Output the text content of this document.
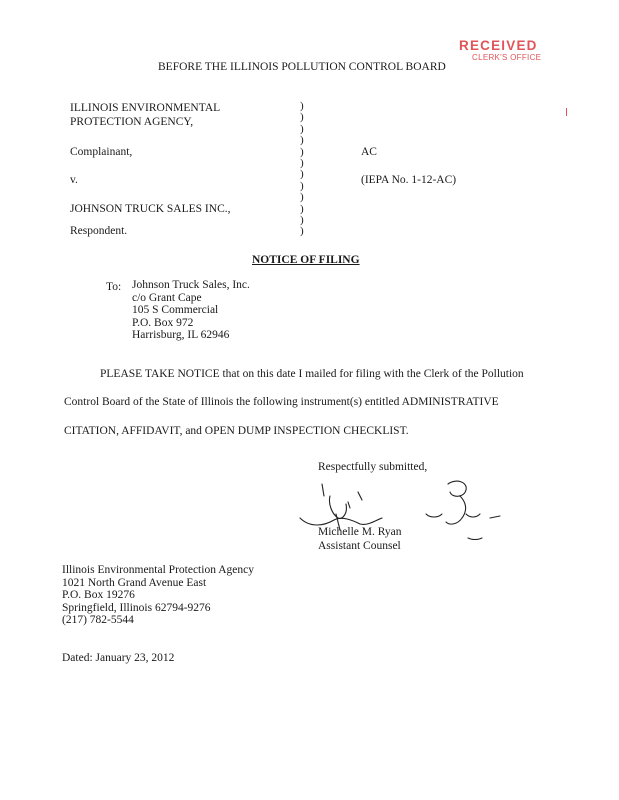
RECEIVED
CLERK'S OFFICE
BEFORE THE ILLINOIS POLLUTION CONTROL BOARD
ILLINOIS ENVIRONMENTAL
PROTECTION AGENCY,
Complainant,
v.
JOHNSON TRUCK SALES INC.,
Respondent.
)
)
)
)
)
)
)
)
)
)
)
)
AC
(IEPA No. 1-12-AC)
NOTICE OF FILING
To: Johnson Truck Sales, Inc.
c/o Grant Cape
105 S Commercial
P.O. Box 972
Harrisburg, IL 62946
PLEASE TAKE NOTICE that on this date I mailed for filing with the Clerk of the Pollution
Control Board of the State of Illinois the following instrument(s) entitled ADMINISTRATIVE
CITATION, AFFIDAVIT, and OPEN DUMP INSPECTION CHECKLIST.
Respectfully submitted,
Michelle M. Ryan
Assistant Counsel
Illinois Environmental Protection Agency
1021 North Grand Avenue East
P.O. Box 19276
Springfield, Illinois 62794-9276
(217) 782-5544
Dated: January 23, 2012
